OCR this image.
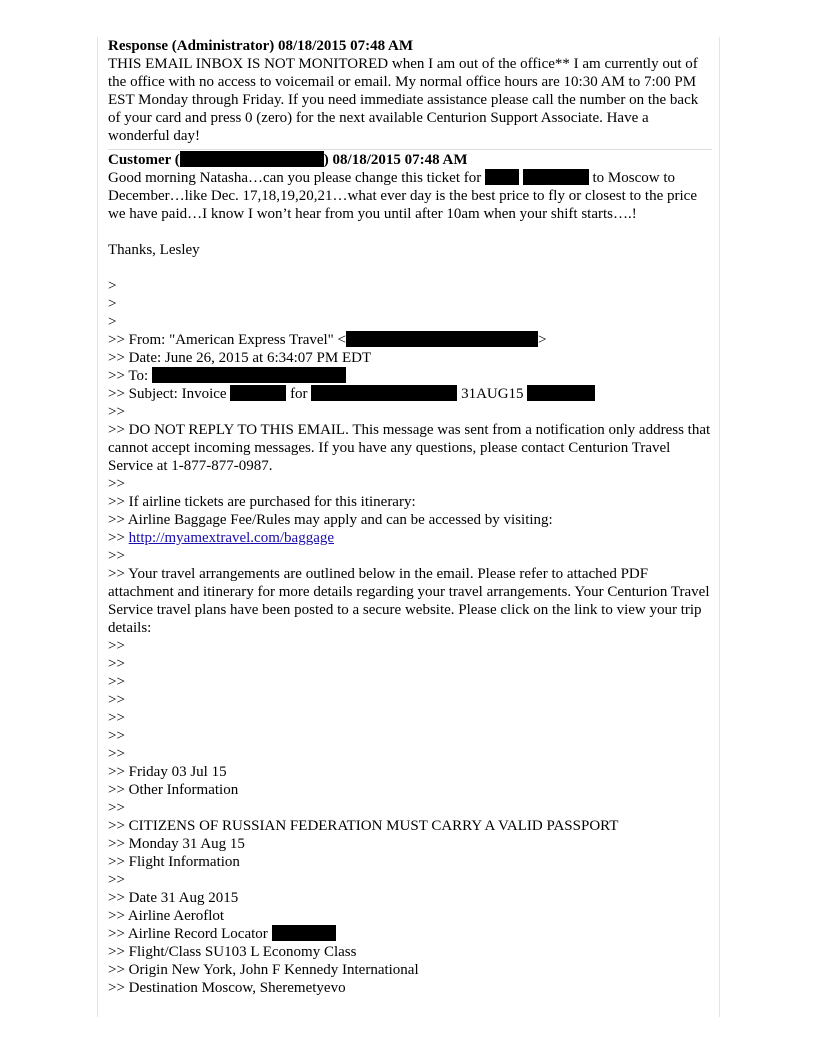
Response (Administrator) 08/18/2015 07:48 AM
THIS EMAIL INBOX IS NOT MONITORED when I am out of the office** I am currently out of the office with no access to voicemail or email. My normal office hours are 10:30 AM to 7:00 PM EST Monday through Friday. If you need immediate assistance please call the number on the back of your card and press 0 (zero) for the next available Centurion Support Associate. Have a wonderful day!
Customer (	) 08/18/2015 07:48 AM
Good morning Natasha…can you please change this ticket for	to Moscow to December…like Dec. 17,18,19,20,21…what ever day is the best price to fly or closest to the price we have paid…I know I won’t hear from you until after 10am when your shift starts….!
Thanks, Lesley
>
>
>
>> From: "American Express Travel" <	>
>> Date: June 26, 2015 at 6:34:07 PM EDT
>> To:
>> Subject: Invoice	for	31AUG15
>>
>> DO NOT REPLY TO THIS EMAIL. This message was sent from a notification only address that cannot accept incoming messages. If you have any questions, please contact Centurion Travel Service at 1-877-877-0987.
>>
>> If airline tickets are purchased for this itinerary:
>> Airline Baggage Fee/Rules may apply and can be accessed by visiting:
>> http://myamextravel.com/baggage
>>
>> Your travel arrangements are outlined below in the email. Please refer to attached PDF attachment and itinerary for more details regarding your travel arrangements. Your Centurion Travel Service travel plans have been posted to a secure website. Please click on the link to view your trip details:
>>
>>
>>
>>
>>
>>
>>
>> Friday 03 Jul 15
>> Other Information
>>
>> CITIZENS OF RUSSIAN FEDERATION MUST CARRY A VALID PASSPORT
>> Monday 31 Aug 15
>> Flight Information
>>
>> Date 31 Aug 2015
>> Airline Aeroflot
>> Airline Record Locator
>> Flight/Class SU103 L Economy Class
>> Origin New York, John F Kennedy International
>> Destination Moscow, Sheremetyevo
